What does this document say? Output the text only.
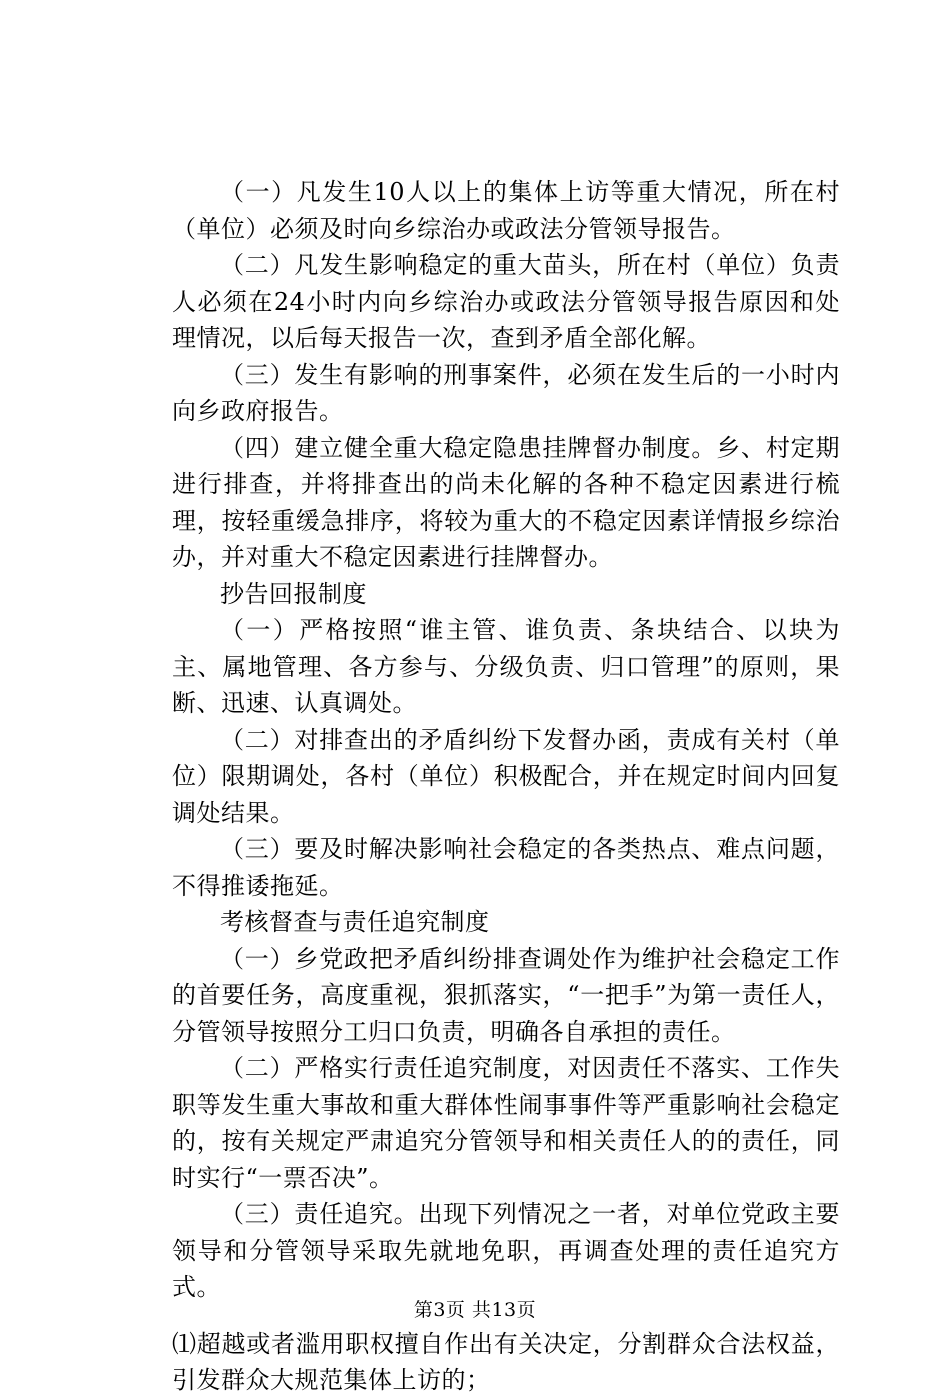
（一）凡发生10人以上的集体上访等重大情况，所在村（单位）必须及时向乡综治办或政法分管领导报告。

（二）凡发生影响稳定的重大苗头，所在村（单位）负责人必须在24小时内向乡综治办或政法分管领导报告原因和处理情况，以后每天报告一次，查到矛盾全部化解。

（三）发生有影响的刑事案件，必须在发生后的一小时内向乡政府报告。

（四）建立健全重大稳定隐患挂牌督办制度。乡、村定期进行排查，并将排查出的尚未化解的各种不稳定因素进行梳理，按轻重缓急排序，将较为重大的不稳定因素详情报乡综治办，并对重大不稳定因素进行挂牌督办。

抄告回报制度

（一）严格按照“谁主管、谁负责、条块结合、以块为主、属地管理、各方参与、分级负责、归口管理”的原则，果断、迅速、认真调处。

（二）对排查出的矛盾纠纷下发督办函，责成有关村（单位）限期调处，各村（单位）积极配合，并在规定时间内回复调处结果。

（三）要及时解决影响社会稳定的各类热点、难点问题，不得推诿拖延。

考核督查与责任追究制度

（一）乡党政把矛盾纠纷排查调处作为维护社会稳定工作的首要任务，高度重视，狠抓落实，“一把手”为第一责任人，分管领导按照分工归口负责，明确各自承担的责任。

（二）严格实行责任追究制度，对因责任不落实、工作失职等发生重大事故和重大群体性闹事事件等严重影响社会稳定的，按有关规定严肃追究分管领导和相关责任人的的责任，同时实行“一票否决”。

（三）责任追究。出现下列情况之一者，对单位党政主要领导和分管领导采取先就地免职，再调查处理的责任追究方式。

⑴超越或者滥用职权擅自作出有关决定，分割群众合法权益，引发群众大规范集体上访的；

第3页 共13页
